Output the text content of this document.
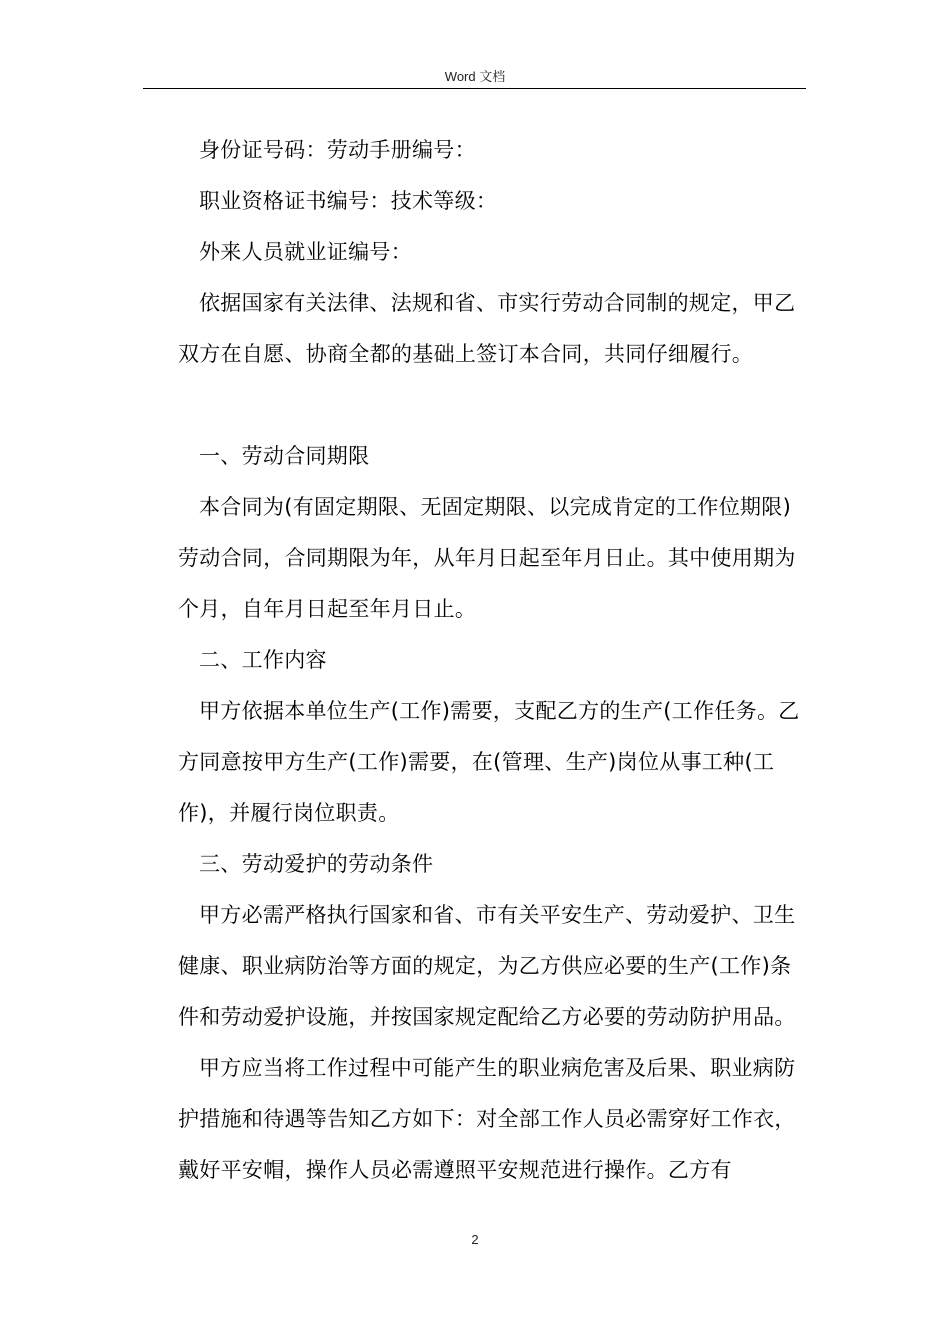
Word 文档

身份证号码：劳动手册编号：

职业资格证书编号：技术等级：

外来人员就业证编号：

依据国家有关法律、法规和省、市实行劳动合同制的规定，甲乙双方在自愿、协商全都的基础上签订本合同，共同仔细履行。

一、劳动合同期限

本合同为(有固定期限、无固定期限、以完成肯定的工作位期限)劳动合同，合同期限为年，从年月日起至年月日止。其中使用期为个月，自年月日起至年月日止。

二、工作内容

甲方依据本单位生产(工作)需要，支配乙方的生产(工作任务。乙方同意按甲方生产(工作)需要，在(管理、生产)岗位从事工种(工作)，并履行岗位职责。

三、劳动爱护的劳动条件

甲方必需严格执行国家和省、市有关平安生产、劳动爱护、卫生健康、职业病防治等方面的规定，为乙方供应必要的生产(工作)条件和劳动爱护设施，并按国家规定配给乙方必要的劳动防护用品。

甲方应当将工作过程中可能产生的职业病危害及后果、职业病防护措施和待遇等告知乙方如下：对全部工作人员必需穿好工作衣，戴好平安帽，操作人员必需遵照平安规范进行操作。乙方有

2
